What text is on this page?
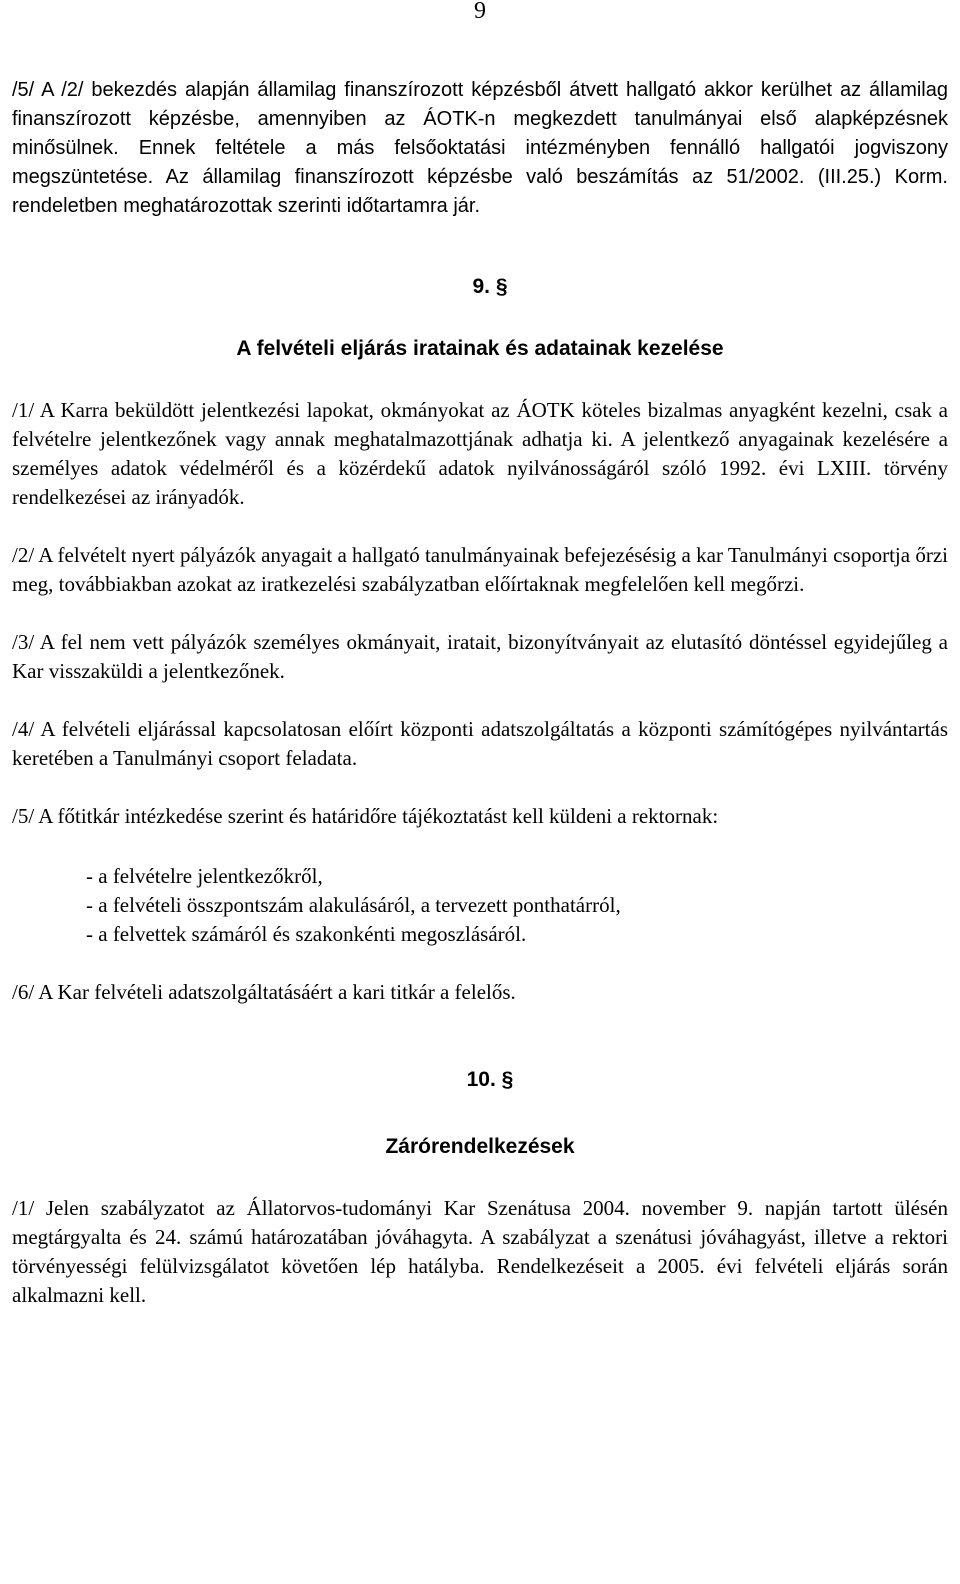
9

/5/ A /2/ bekezdés alapján államilag finanszírozott képzésből átvett hallgató akkor kerülhet az államilag finanszírozott képzésbe, amennyiben az ÁOTK-n megkezdett tanulmányai első alapképzésnek minősülnek. Ennek feltétele a más felsőoktatási intézményben fennálló hallgatói jogviszony megszüntetése. Az államilag finanszírozott képzésbe való beszámítás az 51/2002. (III.25.) Korm. rendeletben meghatározottak szerinti időtartamra jár.

9. §
A felvételi eljárás iratainak és adatainak kezelése

/1/ A Karra beküldött jelentkezési lapokat, okmányokat az ÁOTK köteles bizalmas anyagként kezelni, csak a felvételre jelentkezőnek vagy annak meghatalmazottjának adhatja ki. A jelentkező anyagainak kezelésére a személyes adatok védelméről és a közérdekű adatok nyilvánosságáról szóló 1992. évi LXIII. törvény rendelkezései az irányadók.

/2/ A felvételt nyert pályázók anyagait a hallgató tanulmányainak befejezésésig a kar Tanulmányi csoportja őrzi meg, továbbiakban azokat az iratkezelési szabályzatban előírtaknak megfelelően kell megőrzi.

/3/ A fel nem vett pályázók személyes okmányait, iratait, bizonyítványait az elutasító döntéssel egyidejűleg a Kar visszaküldi a jelentkezőnek.

/4/ A felvételi eljárással kapcsolatosan előírt központi adatszolgáltatás a központi számítógépes nyilvántartás keretében a Tanulmányi csoport feladata.

/5/ A főtitkár intézkedése szerint és határidőre tájékoztatást kell küldeni a rektornak:

- a felvételre jelentkezőkről,
- a felvételi összpontszám alakulásáról, a tervezett ponthatárról,
- a felvettek számáról és szakonkénti megoszlásáról.

/6/ A Kar felvételi adatszolgáltatásáért a kari titkár a felelős.

10. §
Zárórendelkezések

/1/ Jelen szabályzatot az Állatorvos-tudományi Kar Szenátusa 2004. november 9. napján tartott ülésén megtárgyalta és 24. számú határozatában jóváhagyta. A szabályzat a szenátusi jóváhagyást, illetve a rektori törvényességi felülvizsgálatot követően lép hatályba. Rendelkezéseit a 2005. évi felvételi eljárás során alkalmazni kell.
